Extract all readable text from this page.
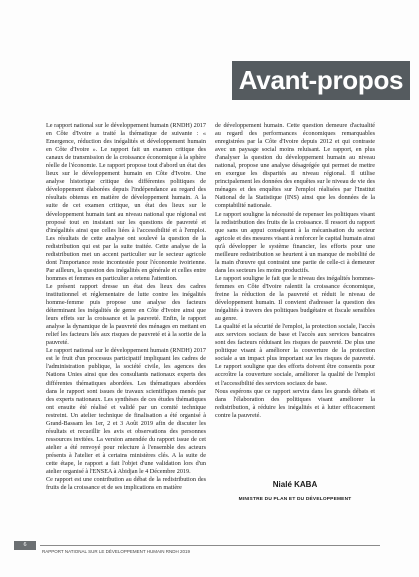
Avant-propos

Le rapport national sur le développement humain (RNDH) 2017 en Côte d'Ivoire a traité la thématique de suivante : « Emergence, réduction des inégalités et développement humain en Côte d'Ivoire ». Le rapport fait un examen critique des canaux de transmission de la croissance économique à la sphère réelle de l'économie. Le rapport propose tout d'abord un état des lieux sur le développement humain en Côte d'Ivoire. Une analyse historique critique des différentes politiques de développement élaborées depuis l'indépendance au regard des résultats obtenus en matière de développement humain. A la suite de cet examen critique, un état des lieux sur le développement humain tant au niveau national que régional est proposé tout en insistant sur les questions de pauvreté et d'inégalités ainsi que celles liées à l'accessibilité et à l'emploi. Les résultats de cette analyse ont soulevé la question de la redistribution qui est par la suite traitée. Cette analyse de la redistribution met un accent particulier sur le secteur agricole dont l'importance reste incontestée pour l'économie ivoirienne. Par ailleurs, la question des inégalités en générale et celles entre hommes et femmes en particulier a retenu l'attention.

Le présent rapport dresse un état des lieux des cadres institutionnel et réglementaire de lutte contre les inégalités homme-femme puis propose une analyse des facteurs déterminant les inégalités de genre en Côte d'Ivoire ainsi que leurs effets sur la croissance et la pauvreté. Enfin, le rapport analyse la dynamique de la pauvreté des ménages en mettant en relief les facteurs liés aux risques de pauvreté et à la sortie de la pauvreté.

Le rapport national sur le développement humain (RNDH) 2017 est le fruit d'un processus participatif impliquant les cadres de l'administration publique, la société civile, les agences des Nations Unies ainsi que des consultants nationaux experts des différentes thématiques abordées. Les thématiques abordées dans le rapport sont issues de travaux scientifiques menés par des experts nationaux. Les synthèses de ces études thématiques ont ensuite été réalisé et validé par un comité technique restreint. Un atelier technique de finalisation a été organisé à Grand-Bassam les 1er, 2 et 3 Août 2019 afin de discuter les résultats et recueillir les avis et observations des personnes ressources invitées. La version amendée du rapport issue de cet atelier a été renvoyé pour relecture à l'ensemble des acteurs présents à l'atelier et à certains ministères clés. A la suite de cette étape, le rapport a fait l'objet d'une validation lors d'un atelier organisé à l'ENSEA à Abidjan le 4 Décembre 2019.

Ce rapport est une contribution au débat de la redistribution des fruits de la croissance et de ses implications en matière

de développement humain. Cette question demeure d'actualité au regard des performances économiques remarquables enregistrées par la Côte d'Ivoire depuis 2012 et qui contraste avec un paysage social moins reluisant. Le rapport, en plus d'analyser la question du développement humain au niveau national, propose une analyse désagrégée qui permet de mettre en exergue les disparités au niveau régional. Il utilise principalement les données des enquêtes sur le niveau de vie des ménages et des enquêtes sur l'emploi réalisées par l'Institut National de la Statistique (INS) ainsi que les données de la comptabilité nationale.

Le rapport souligne la nécessité de repenser les politiques visant la redistribution des fruits de la croissance. Il ressort du rapport que sans un appui conséquent à la mécanisation du secteur agricole et des mesures visant à renforcer le capital humain ainsi qu'à développer le système financier, les efforts pour une meilleure redistribution se heurtent à un manque de mobilité de la main d'œuvre qui contraint une partie de celle-ci à demeurer dans les secteurs les moins productifs.

Le rapport souligne le fait que le niveau des inégalités hommes-femmes en Côte d'Ivoire ralentit la croissance économique, freine la réduction de la pauvreté et réduit le niveau de développement humain. Il convient d'adresser la question des inégalités à travers des politiques budgétaire et fiscale sensibles au genre.

La qualité et la sécurité de l'emploi, la protection sociale, l'accès aux services sociaux de base et l'accès aux services bancaires sont des facteurs réduisant les risques de pauvreté. De plus une politique visant à améliorer la couverture de la protection sociale a un impact plus important sur les risques de pauvreté. Le rapport souligne que des efforts doivent être consentis pour accroître la couverture sociale, améliorer la qualité de l'emploi et l'accessibilité des services sociaux de base.

Nous espérons que ce rapport servira dans les grands débats et dans l'élaboration des politiques visant améliorer la redistribution, à réduire les inégalités et à lutter efficacement contre la pauvreté.

Nialé KABA
MINISTRE DU PLAN ET DU DÉVELOPPEMENT
6
RAPPORT NATIONAL SUR LE DÉVELOPPEMENT HUMAIN RNDH 2019
